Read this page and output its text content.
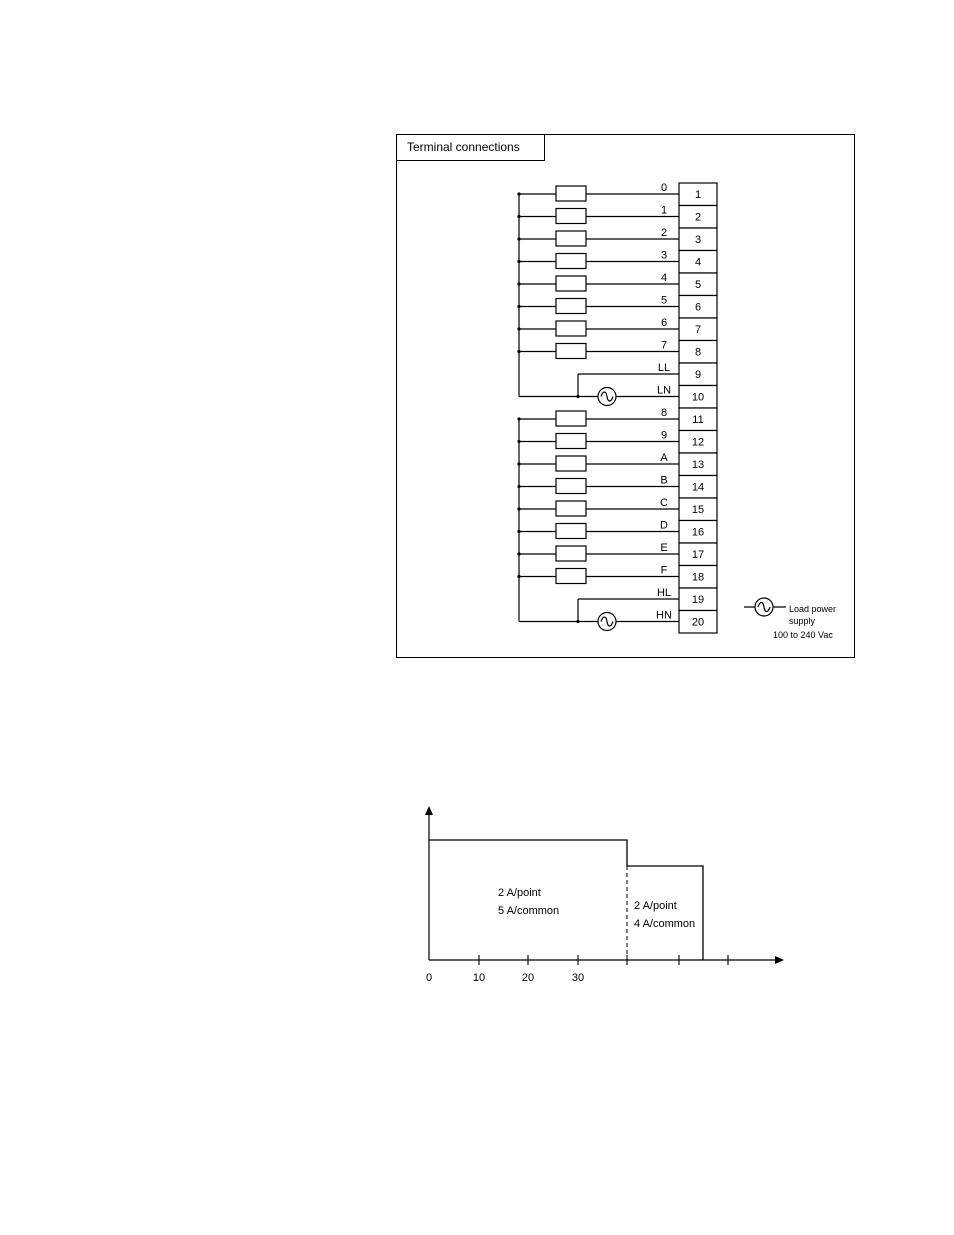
Terminal connections
1
2
3
4
5
6
7
8
9
10
11
12
13
14
15
16
17
18
19
20
0
1
2
3
4
5
6
7
LL
LN
8
9
A
B
C
D
E
F
HL
HN
Load power
supply
100 to 240 Vac
0	10	20	30
2 A/point
5 A/common	2 A/point
4 A/common
